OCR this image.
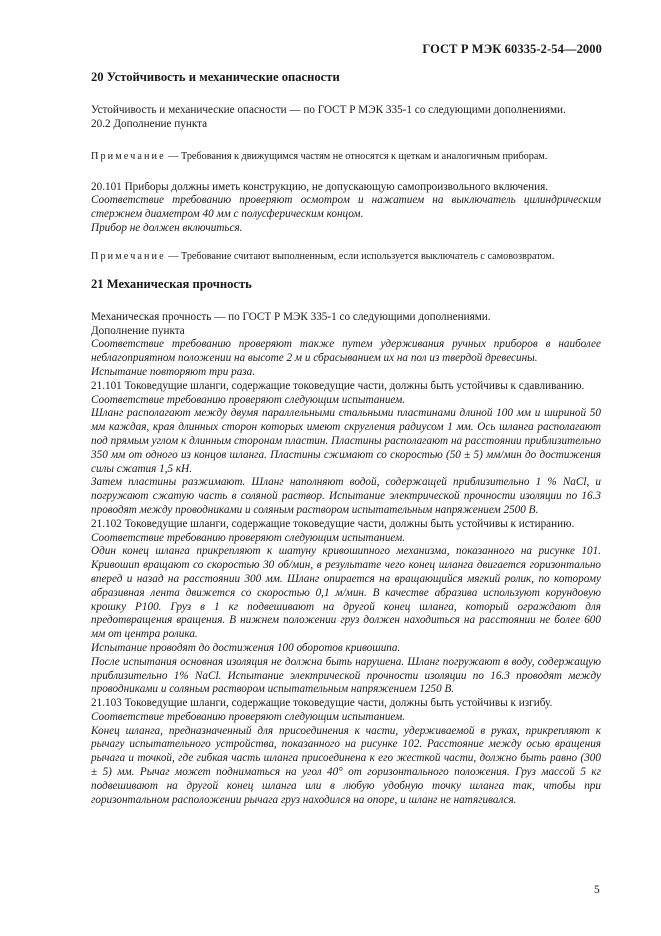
ГОСТ Р МЭК 60335-2-54—2000
20 Устойчивость и механические опасности

Устойчивость и механические опасности — по ГОСТ Р МЭК 335-1 со следующими дополнениями.

20.2 Дополнение пункта

Примечание — Требования к движущимся частям не относятся к щеткам и аналогичным приборам.

20.101 Приборы должны иметь конструкцию, не допускающую самопроизвольного включения.

Соответствие требованию проверяют осмотром и нажатием на выключатель цилиндрическим стержнем диаметром 40 мм с полусферическим концом.

Прибор не должен включиться.

Примечание — Требование считают выполненным, если используется выключатель с самовозвратом.

21 Механическая прочность

Механическая прочность — по ГОСТ Р МЭК 335-1 со следующими дополнениями.

Дополнение пункта

Соответствие требованию проверяют также путем удерживания ручных приборов в наиболее неблагоприятном положении на высоте 2 м и сбрасыванием их на пол из твердой древесины.

Испытание повторяют три раза.

21.101 Токоведущие шланги, содержащие токоведущие части, должны быть устойчивы к сдавливанию.

Соответствие требованию проверяют следующим испытанием.

Шланг располагают между двумя параллельными стальными пластинами длиной 100 мм и шириной 50 мм каждая, края длинных сторон которых имеют скругления радиусом 1 мм. Ось шланга располагают под прямым углом к длинным сторонам пластин. Пластины располагают на расстоянии приблизительно 350 мм от одного из концов шланга. Пластины сжимают со скоростью (50 ± 5) мм/мин до достижения силы сжатия 1,5 кН.

Затем пластины разжимают. Шланг наполняют водой, содержащей приблизительно 1 % NaCl, и погружают сжатую часть в соляной раствор. Испытание электрической прочности изоляции по 16.3 проводят между проводниками и соляным раствором испытательным напряжением 2500 В.

21.102 Токоведущие шланги, содержащие токоведущие части, должны быть устойчивы к истиранию.

Соответствие требованию проверяют следующим испытанием.

Один конец шланга прикрепляют к шатуну кривошипного механизма, показанного на рисунке 101. Кривошип вращают со скоростью 30 об/мин, в результате чего конец шланга двигается горизонтально вперед и назад на расстоянии 300 мм. Шланг опирается на вращающийся мягкий ролик, по которому абразивная лента движется со скоростью 0,1 м/мин. В качестве абразива используют корундовую крошку Р100. Груз в 1 кг подвешивают на другой конец шланга, который ограждают для предотвращения вращения. В нижнем положении груз должен находиться на расстоянии не более 600 мм от центра ролика.

Испытание проводят до достижения 100 оборотов кривошипа.

После испытания основная изоляция не должна быть нарушена. Шланг погружают в воду, содержащую приблизительно 1% NaCl. Испытание электрической прочности изоляции по 16.3 проводят между проводниками и соляным раствором испытательным напряжением 1250 В.

21.103 Токоведущие шланги, содержащие токоведущие части, должны быть устойчивы к изгибу.

Соответствие требованию проверяют следующим испытанием.

Конец шланга, предназначенный для присоединения к части, удерживаемой в руках, прикрепляют к рычагу испытательного устройства, показанного на рисунке 102. Расстояние между осью вращения рычага и точкой, где гибкая часть шланга присоединена к его жесткой части, должно быть равно (300 ± 5) мм. Рычаг может подниматься на угол 40° от горизонтального положения. Груз массой 5 кг подвешивают на другой конец шланга или в любую удобную точку шланга так, чтобы при горизонтальном расположении рычага груз находился на опоре, и шланг не натягивался.

5
